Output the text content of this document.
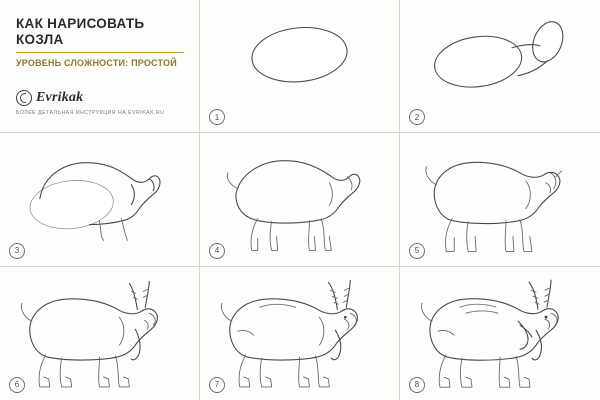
КАК НАРИСОВАТЬ КОЗЛА
УРОВЕНЬ СЛОЖНОСТИ: ПРОСТОЙ
Evrikak
БОЛЕЕ ДЕТАЛЬНАЯ ИНСТРУКЦИЯ НА EVRIKAK.RU	1	2
3	4	5
6	7	8
